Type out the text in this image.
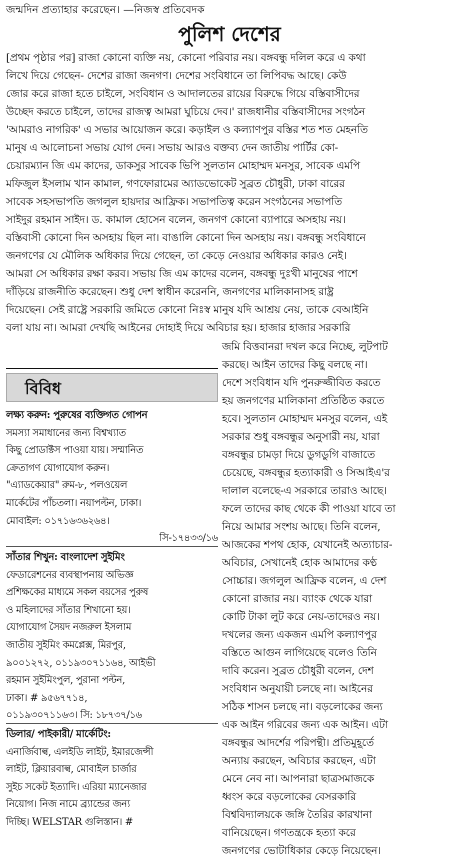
জন্মদিন প্রত্যাহার করেছেন। —নিজস্ব প্রতিবেদক
পুলিশ দেশের
[প্রথম পৃষ্ঠার পর] রাজা কোনো ব্যক্তি নয়, কোনো পরিবার নয়। বঙ্গবন্ধু দলিল করে এ কথা
লিখে দিয়ে গেছেন- দেশের রাজা জনগণ। দেশের সংবিধানে তা লিপিবদ্ধ আছে। কেউ
জোর করে রাজা হতে চাইলে, সংবিধান ও আদালতের রায়ের বিরুদ্ধে গিয়ে বস্তিবাসীদের
উচ্ছেদ করতে চাইলে, তাদের রাজত্ব আমরা ঘুচিয়ে দেব।' রাজধানীর বস্তিবাসীদের সংগঠন
'আমরাও নাগরিক' এ সভার আয়োজন করে। কড়াইল ও কল্যাণপুর বস্তির শত শত মেহনতি
মানুষ এ আলোচনা সভায় যোগ দেন। সভায় আরও বক্তব্য দেন জাতীয় পার্টির কো-
চেয়ারম্যান জি এম কাদের, ডাকসুর সাবেক ভিপি সুলতান মোহাম্মদ মনসুর, সাবেক এমপি
মফিজুল ইসলাম খান কামাল, গণফোরামের অ্যাডভোকেট সুব্রত চৌধুরী, ঢাকা বারের
সাবেক সহসভাপতি জগলুল হায়দার আফ্রিক। সভাপতিত্ব করেন সংগঠনের সভাপতি
সাইদুর রহমান সাইদ। ড. কামাল হোসেন বলেন, জনগণ কোনো ব্যাপারে অসহায় নয়।
বস্তিবাসী কোনো দিন অসহায় ছিল না। বাঙালি কোনো দিন অসহায় নয়। বঙ্গবন্ধু সংবিধানে
জনগণের যে মৌলিক অধিকার দিয়ে গেছেন, তা কেড়ে নেওয়ার অধিকার কারও নেই।
আমরা সে অধিকার রক্ষা করব। সভায় জি এম কাদের বলেন, বঙ্গবন্ধু দুঃখী মানুষের পাশে
দাঁড়িয়ে রাজনীতি করেছেন। শুধু দেশ স্বাধীন করেননি, জনগণের মালিকানাসহ রাষ্ট্র
দিয়েছেন। সেই রাষ্ট্রে সরকারি জমিতে কোনো নিঃস্ব মানুষ যদি আশ্রয় নেয়, তাকে বেআইনি
বলা যায় না। আমরা দেখছি আইনের দোহাই দিয়ে অবিচার হয়। হাজার হাজার সরকারি
জমি বিত্তবানরা দখল করে নিচ্ছে, লুটপাট
করছে। আইন তাদের কিছু বলছে না।
দেশে সংবিধান যদি পুনরুজ্জীবিত করতে
হয় জনগণের মালিকানা প্রতিষ্ঠিত করতে
হবে। সুলতান মোহাম্মদ মনসুর বলেন, এই
সরকার শুধু বঙ্গবন্ধুর অনুসারী নয়, যারা
বঙ্গবন্ধুর চামড়া দিয়ে ডুগডুগি বাজাতে
চেয়েছে, বঙ্গবন্ধুর হত্যাকারী ও সিআইএ'র
দালাল বলেছে-এ সরকারে তারাও আছে।
ফলে তাদের কাছ থেকে কী পাওয়া যাবে তা
নিয়ে আমার সংশয় আছে। তিনি বলেন,
আজকের শপথ হোক, যেখানেই অত্যাচার-
অবিচার, সেখানেই হোক আমাদের কণ্ঠ
সোচ্চার। জগলুল আফ্রিক বলেন, এ দেশ
কোনো রাজার নয়। ব্যাংক থেকে যারা
কোটি টাকা লুট করে নেয়-তাদেরও নয়।
দখলের জন্য একজন এমপি কল্যাণপুর
বস্তিতে আগুন লাগিয়েছে বলেও তিনি
দাবি করেন। সুব্রত চৌধুরী বলেন, দেশ
সংবিধান অনুযায়ী চলছে না। আইনের
সঠিক শাসন চলছে না। বড়লোকের জন্য
এক আইন গরিবের জন্য এক আইন। এটা
বঙ্গবন্ধুর আদর্শের পরিপন্থী। প্রতিমুহূর্তে
অন্যায় করছেন, অবিচার করছেন, এটা
মেনে নেব না। আপনারা ছাত্রসমাজকে
ধ্বংস করে বড়লোকের বেসরকারি
বিশ্ববিদ্যালয়কে জঙ্গি তৈরির কারখানা
বানিয়েছেন। গণতন্ত্রকে হত্যা করে
জনগণের ভোটাধিকার কেড়ে নিয়েছেন।
বিবিধ
লক্ষ্য করুন: পুরুষের ব্যক্তিগত গোপন
সমস্যা সমাধানের জন্য বিশ্বখ্যাত
কিছু প্রোডাক্টস পাওয়া যায়। সম্মানিত
ক্রেতাগণ যোগাযোগ করুন।
"এ্যাডকেয়ার" রুম-৮, পলওয়েল
মার্কেটের পাঁচতলা। নয়াপল্টন, ঢাকা।
মোবাইল: ০১৭১৬৩৬২৬৪।
সি-১৭৪৩৩/১৬
সাঁতার শিখুন: বাংলাদেশ সুইমিং
ফেডারেশনের ব্যবস্থাপনায় অভিজ্ঞ
প্রশিক্ষকের মাধ্যমে সকল বয়সের পুরুষ
ও মহিলাদের সাঁতার শিখানো হয়।
যোগাযোগ সৈয়দ নজরুল ইসলাম
জাতীয় সুইমিং কমপ্লেক্স, মিরপুর,
৯০০১২৭২, ০১১৯৩০৭১১৬৪, আইভী
রহমান সুইমিংপুল, পুরানা পল্টন,
ঢাকা। # ৯৫৬৭৭১৪,
০১১৯৩০৭১১৬৩। সি: ১৮৭৩৭/১৬
ডিলার/ পাইকারী/ মার্কেটিং:
এনার্জিবাল্ব, এলইডি লাইট, ইমারজেন্সী
লাইট, ক্লিয়ারবাল্ব, মোবাইল চার্জার
সুইচ সকেট ইত্যাদি। এরিয়া ম্যানেজার
নিয়োগ। নিজ নামে ব্র্যান্ডের জন্য
দিচ্ছি। WELSTAR গুলিস্তান। #
